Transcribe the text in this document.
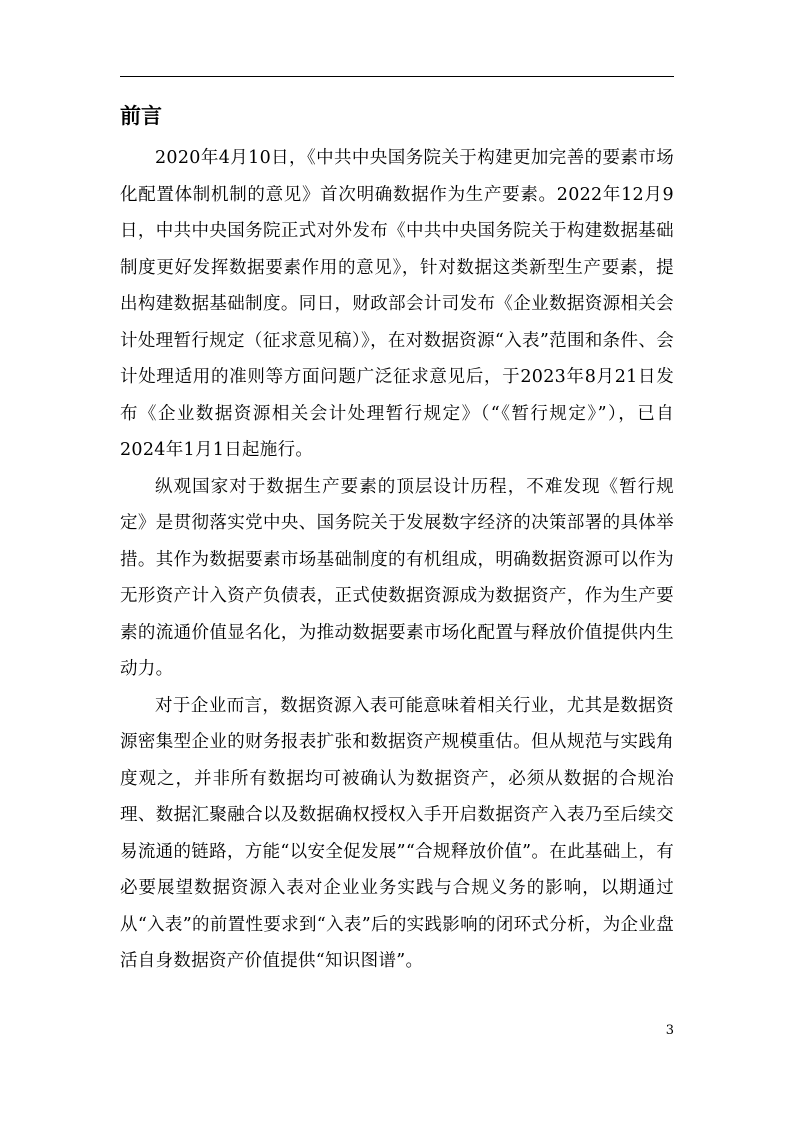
前言

2020年4月10日，《中共中央国务院关于构建更加完善的要素市场化配置体制机制的意见》首次明确数据作为生产要素。2022年12月9日，中共中央国务院正式对外发布《中共中央国务院关于构建数据基础制度更好发挥数据要素作用的意见》，针对数据这类新型生产要素，提出构建数据基础制度。同日，财政部会计司发布《企业数据资源相关会计处理暂行规定（征求意见稿）》，在对数据资源“入表”范围和条件、会计处理适用的准则等方面问题广泛征求意见后，于2023年8月21日发布《企业数据资源相关会计处理暂行规定》（“《暂行规定》”），已自2024年1月1日起施行。

纵观国家对于数据生产要素的顶层设计历程，不难发现《暂行规定》是贯彻落实党中央、国务院关于发展数字经济的决策部署的具体举措。其作为数据要素市场基础制度的有机组成，明确数据资源可以作为无形资产计入资产负债表，正式使数据资源成为数据资产，作为生产要素的流通价值显名化，为推动数据要素市场化配置与释放价值提供内生动力。

对于企业而言，数据资源入表可能意味着相关行业，尤其是数据资源密集型企业的财务报表扩张和数据资产规模重估。但从规范与实践角度观之，并非所有数据均可被确认为数据资产，必须从数据的合规治理、数据汇聚融合以及数据确权授权入手开启数据资产入表乃至后续交易流通的链路，方能“以安全促发展”“合规释放价值”。在此基础上，有必要展望数据资源入表对企业业务实践与合规义务的影响，以期通过从“入表”的前置性要求到“入表”后的实践影响的闭环式分析，为企业盘活自身数据资产价值提供“知识图谱”。

3
